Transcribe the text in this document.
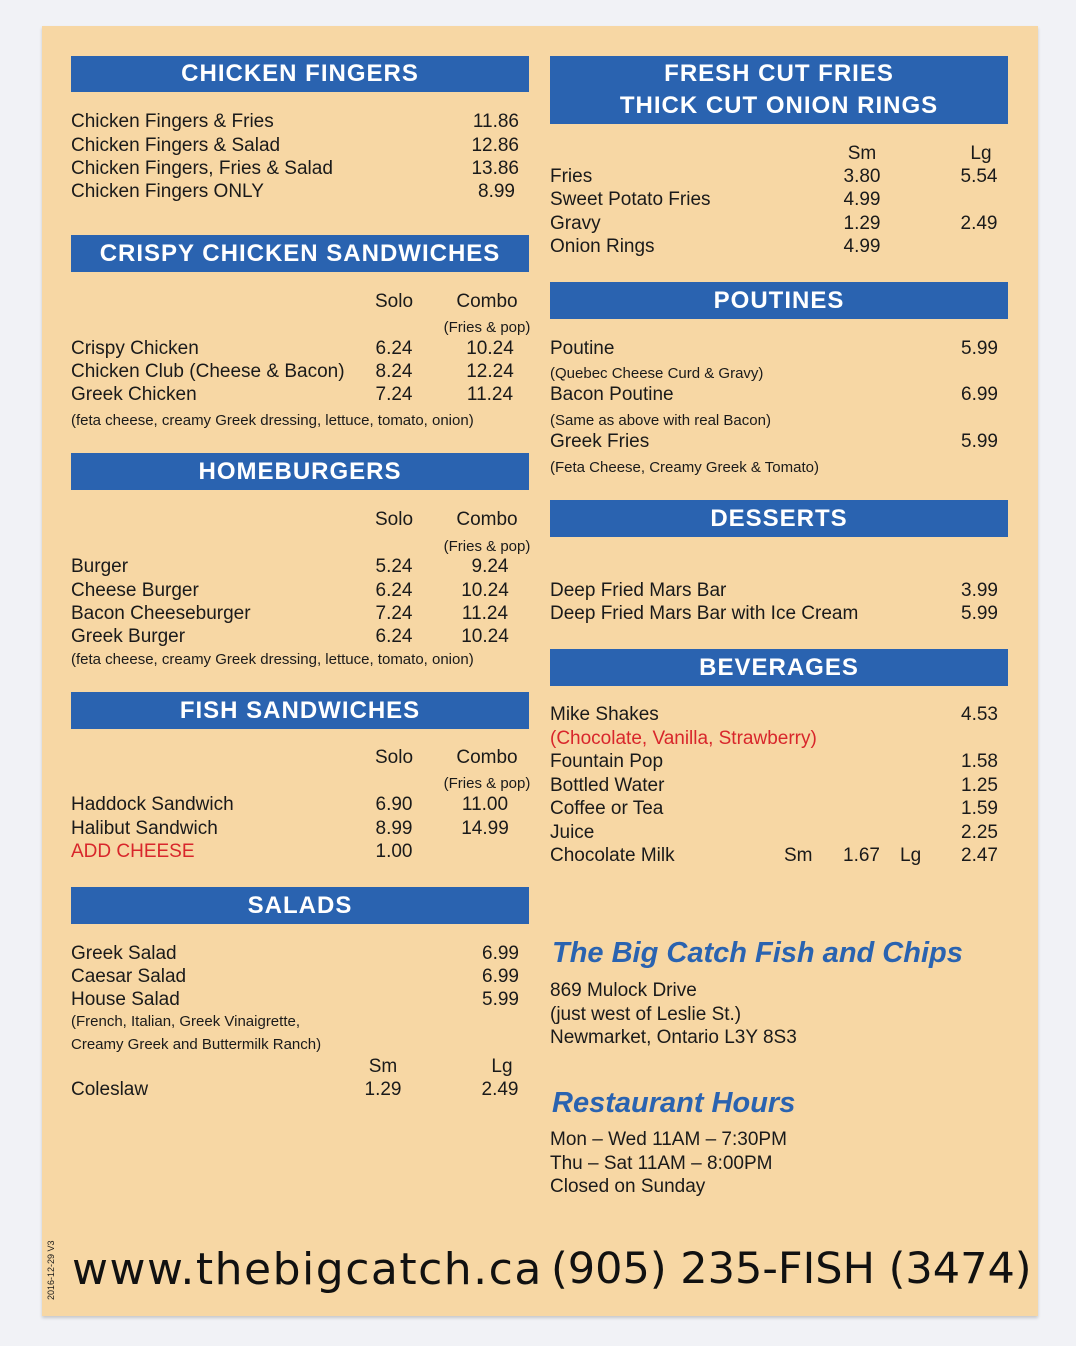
CHICKEN FINGERS
Chicken Fingers & Fries	11.86
Chicken Fingers & Salad	12.86
Chicken Fingers, Fries & Salad	13.86
Chicken Fingers ONLY	8.99
CRISPY CHICKEN SANDWICHES
Solo Combo
(Fries & pop)
Crispy Chicken	6.24	10.24
Chicken Club (Cheese & Bacon) 8.24	12.24
Greek Chicken	7.24	11.24
(feta cheese, creamy Greek dressing, lettuce, tomato, onion)
HOMEBURGERS
Solo Combo
(Fries & pop)
Burger	5.24	9.24
Cheese Burger	6.24	10.24
Bacon Cheeseburger	7.24	11.24
Greek Burger	6.24	10.24
(feta cheese, creamy Greek dressing, lettuce, tomato, onion)
FISH SANDWICHES
Solo Combo
(Fries & pop)
Haddock Sandwich	6.90	11.00
Halibut Sandwich	8.99	14.99
ADD CHEESE	1.00
SALADS
Greek Salad	6.99
Caesar Salad	6.99
House Salad	5.99
(French, Italian, Greek Vinaigrette,
Creamy Greek and Buttermilk Ranch)
Sm	Lg
Coleslaw	1.29	2.49
FRESH CUT FRIES
THICK CUT ONION RINGS
Sm	Lg
Fries	3.80	5.54
Sweet Potato Fries	4.99
Gravy	1.29	2.49
Onion Rings	4.99
POUTINES
Poutine	5.99
(Quebec Cheese Curd & Gravy)
Bacon Poutine	6.99
(Same as above with real Bacon)
Greek Fries	5.99
(Feta Cheese, Creamy Greek & Tomato)
DESSERTS
Deep Fried Mars Bar	3.99
Deep Fried Mars Bar with Ice Cream	5.99
BEVERAGES
Mike Shakes	4.53
(Chocolate, Vanilla, Strawberry)
Fountain Pop	1.58
Bottled Water	1.25
Coffee or Tea	1.59
Juice	2.25
Chocolate Milk	Sm 1.67 Lg 2.47
The Big Catch Fish and Chips
869 Mulock Drive
(just west of Leslie St.)
Newmarket, Ontario L3Y 8S3
Restaurant Hours
Mon – Wed 11AM – 7:30PM
Thu – Sat 11AM – 8:00PM
Closed on Sunday
2016-12-29 V3 www.thebigcatch.ca (905) 235-FISH (3474)
